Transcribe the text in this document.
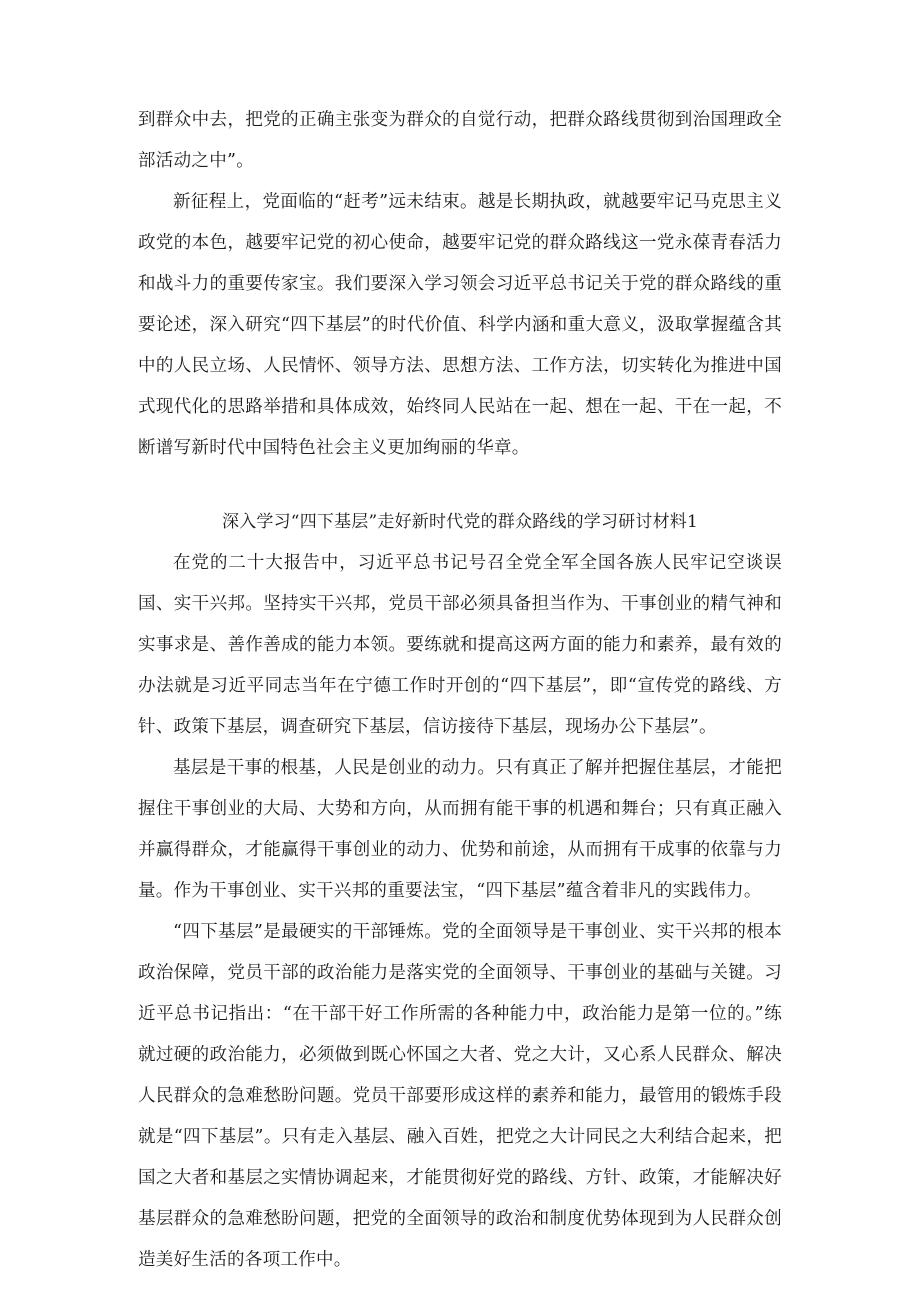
到群众中去，把党的正确主张变为群众的自觉行动，把群众路线贯彻到治国理政全部活动之中”。

新征程上，党面临的“赶考”远未结束。越是长期执政，就越要牢记马克思主义政党的本色，越要牢记党的初心使命，越要牢记党的群众路线这一党永葆青春活力和战斗力的重要传家宝。我们要深入学习领会习近平总书记关于党的群众路线的重要论述，深入研究“四下基层”的时代价值、科学内涵和重大意义，汲取掌握蕴含其中的人民立场、人民情怀、领导方法、思想方法、工作方法，切实转化为推进中国式现代化的思路举措和具体成效，始终同人民站在一起、想在一起、干在一起，不断谱写新时代中国特色社会主义更加绚丽的华章。

深入学习“四下基层”走好新时代党的群众路线的学习研讨材料1

在党的二十大报告中，习近平总书记号召全党全军全国各族人民牢记空谈误国、实干兴邦。坚持实干兴邦，党员干部必须具备担当作为、干事创业的精气神和实事求是、善作善成的能力本领。要练就和提高这两方面的能力和素养，最有效的办法就是习近平同志当年在宁德工作时开创的“四下基层”，即“宣传党的路线、方针、政策下基层，调查研究下基层，信访接待下基层，现场办公下基层”。

基层是干事的根基，人民是创业的动力。只有真正了解并把握住基层，才能把握住干事创业的大局、大势和方向，从而拥有能干事的机遇和舞台；只有真正融入并赢得群众，才能赢得干事创业的动力、优势和前途，从而拥有干成事的依靠与力量。作为干事创业、实干兴邦的重要法宝，“四下基层”蕴含着非凡的实践伟力。

“四下基层”是最硬实的干部锤炼。党的全面领导是干事创业、实干兴邦的根本政治保障，党员干部的政治能力是落实党的全面领导、干事创业的基础与关键。习近平总书记指出：“在干部干好工作所需的各种能力中，政治能力是第一位的。”练就过硬的政治能力，必须做到既心怀国之大者、党之大计，又心系人民群众、解决人民群众的急难愁盼问题。党员干部要形成这样的素养和能力，最管用的锻炼手段就是“四下基层”。只有走入基层、融入百姓，把党之大计同民之大利结合起来，把国之大者和基层之实情协调起来，才能贯彻好党的路线、方针、政策，才能解决好基层群众的急难愁盼问题，把党的全面领导的政治和制度优势体现到为人民群众创造美好生活的各项工作中。
